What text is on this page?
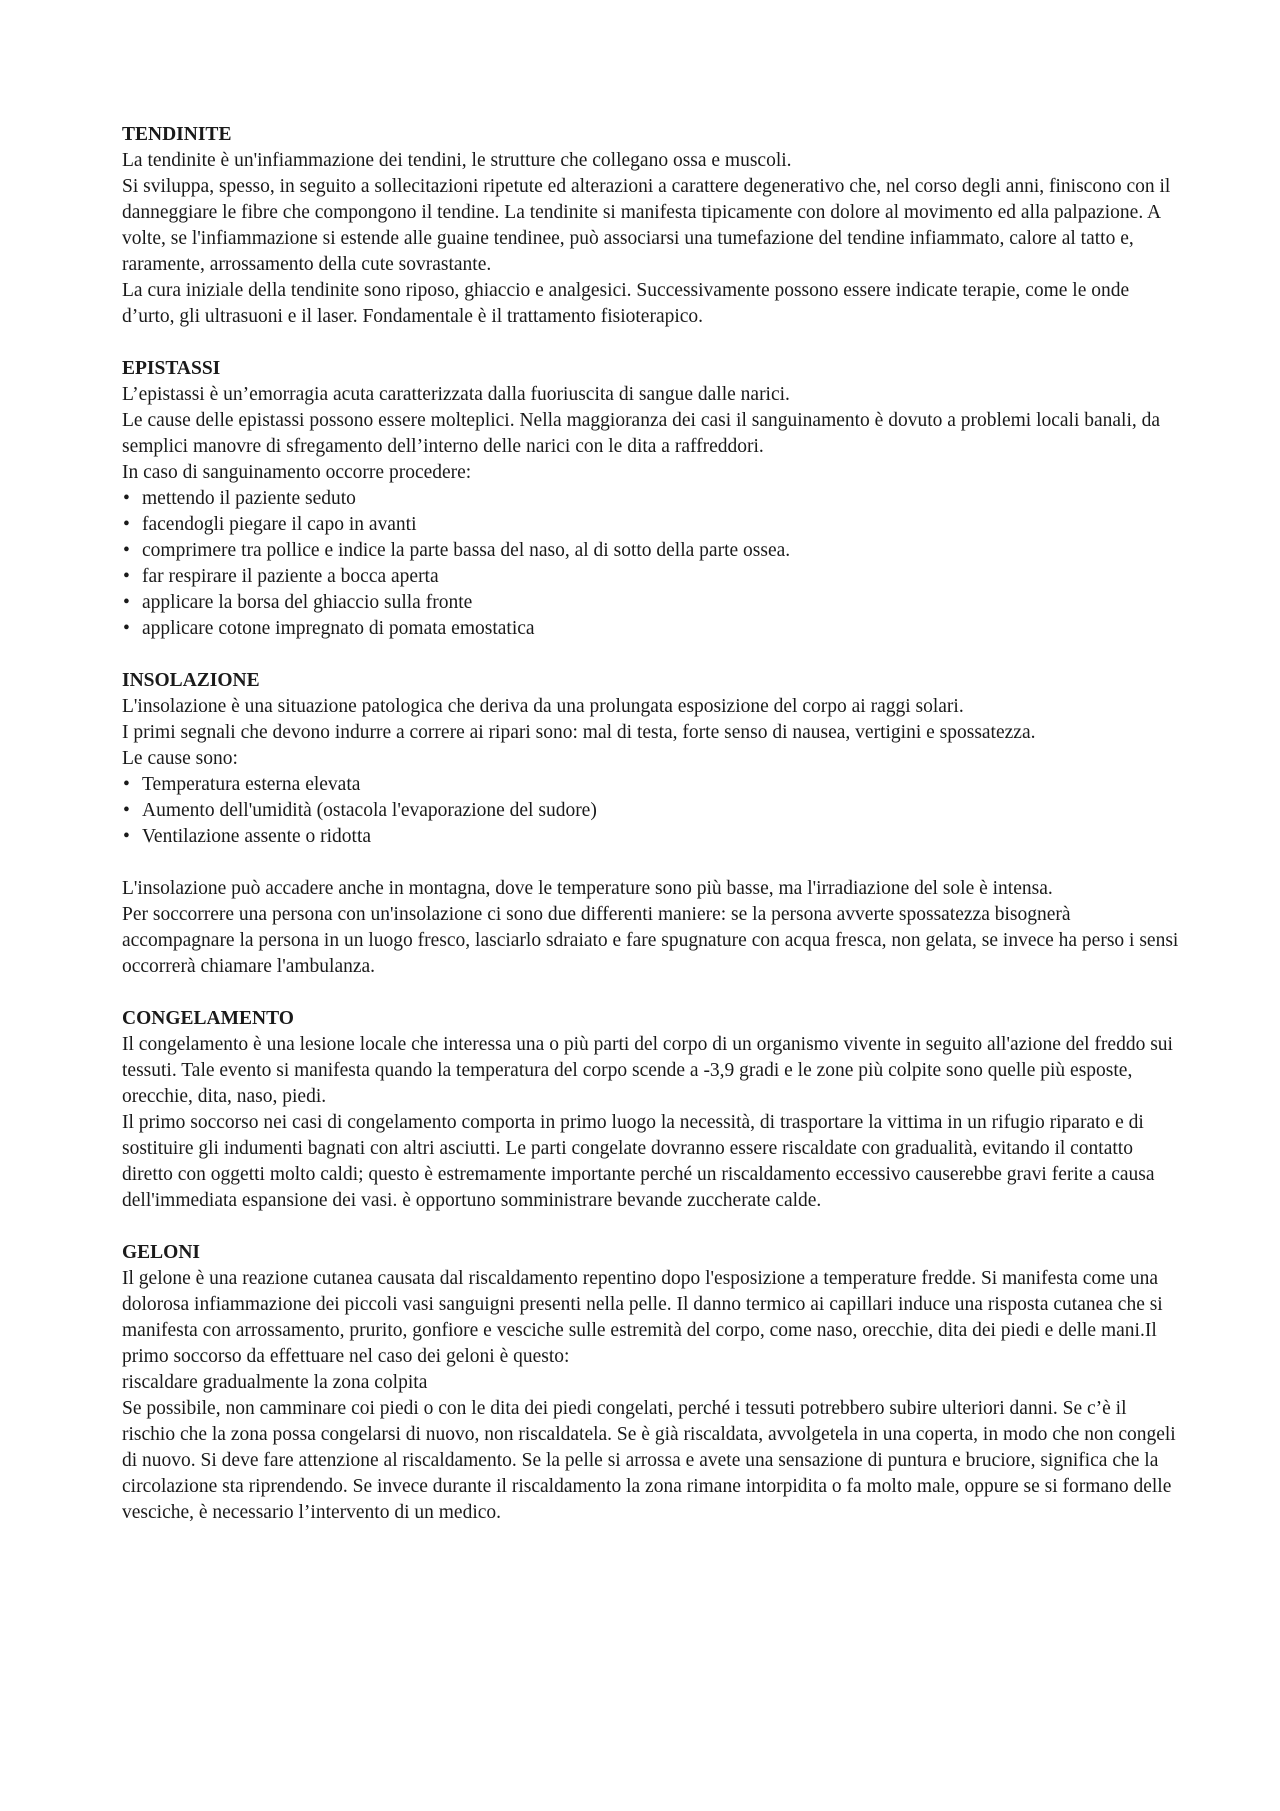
TENDINITE

La tendinite è un'infiammazione dei tendini, le strutture che collegano ossa e muscoli.

Si sviluppa, spesso, in seguito a sollecitazioni ripetute ed alterazioni a carattere degenerativo che, nel corso degli anni, finiscono con il danneggiare le fibre che compongono il tendine. La tendinite si manifesta tipicamente con dolore al movimento ed alla palpazione. A volte, se l'infiammazione si estende alle guaine tendinee, può associarsi una tumefazione del tendine infiammato, calore al tatto e, raramente, arrossamento della cute sovrastante.

La cura iniziale della tendinite sono riposo, ghiaccio e analgesici. Successivamente possono essere indicate terapie, come le onde d’urto, gli ultrasuoni e il laser. Fondamentale è il trattamento fisioterapico.

EPISTASSI

L’epistassi è un’emorragia acuta caratterizzata dalla fuoriuscita di sangue dalle narici.

Le cause delle epistassi possono essere molteplici. Nella maggioranza dei casi il sanguinamento è dovuto a problemi locali banali, da semplici manovre di sfregamento dell’interno delle narici con le dita a raffreddori.

In caso di sanguinamento occorre procedere:

• mettendo il paziente seduto
• facendogli piegare il capo in avanti
• comprimere tra pollice e indice la parte bassa del naso, al di sotto della parte ossea.
• far respirare il paziente a bocca aperta
• applicare la borsa del ghiaccio sulla fronte
• applicare cotone impregnato di pomata emostatica

INSOLAZIONE

L'insolazione è una situazione patologica che deriva da una prolungata esposizione del corpo ai raggi solari.

I primi segnali che devono indurre a correre ai ripari sono: mal di testa, forte senso di nausea, vertigini e spossatezza.

Le cause sono:

• Temperatura esterna elevata
• Aumento dell'umidità (ostacola l'evaporazione del sudore)
• Ventilazione assente o ridotta

L'insolazione può accadere anche in montagna, dove le temperature sono più basse, ma l'irradiazione del sole è intensa.

Per soccorrere una persona con un'insolazione ci sono due differenti maniere: se la persona avverte spossatezza bisognerà accompagnare la persona in un luogo fresco, lasciarlo sdraiato e fare spugnature con acqua fresca, non gelata, se invece ha perso i sensi occorrerà chiamare l'ambulanza.

CONGELAMENTO

Il congelamento è una lesione locale che interessa una o più parti del corpo di un organismo vivente in seguito all'azione del freddo sui tessuti. Tale evento si manifesta quando la temperatura del corpo scende a -3,9 gradi e le zone più colpite sono quelle più esposte, orecchie, dita, naso, piedi.

Il primo soccorso nei casi di congelamento comporta in primo luogo la necessità, di trasportare la vittima in un rifugio riparato e di sostituire gli indumenti bagnati con altri asciutti. Le parti congelate dovranno essere riscaldate con gradualità, evitando il contatto diretto con oggetti molto caldi; questo è estremamente importante perché un riscaldamento eccessivo causerebbe gravi ferite a causa dell'immediata espansione dei vasi. è opportuno somministrare bevande zuccherate calde.

GELONI

Il gelone è una reazione cutanea causata dal riscaldamento repentino dopo l'esposizione a temperature fredde. Si manifesta come una dolorosa infiammazione dei piccoli vasi sanguigni presenti nella pelle. Il danno termico ai capillari induce una risposta cutanea che si manifesta con arrossamento, prurito, gonfiore e vesciche sulle estremità del corpo, come naso, orecchie, dita dei piedi e delle mani.Il primo soccorso da effettuare nel caso dei geloni è questo:

riscaldare gradualmente la zona colpita

Se possibile, non camminare coi piedi o con le dita dei piedi congelati, perché i tessuti potrebbero subire ulteriori danni. Se c’è il rischio che la zona possa congelarsi di nuovo, non riscaldatela. Se è già riscaldata, avvolgetela in una coperta, in modo che non congeli di nuovo. Si deve fare attenzione al riscaldamento. Se la pelle si arrossa e avete una sensazione di puntura e bruciore, significa che la circolazione sta riprendendo. Se invece durante il riscaldamento la zona rimane intorpidita o fa molto male, oppure se si formano delle vesciche, è necessario l’intervento di un medico.
